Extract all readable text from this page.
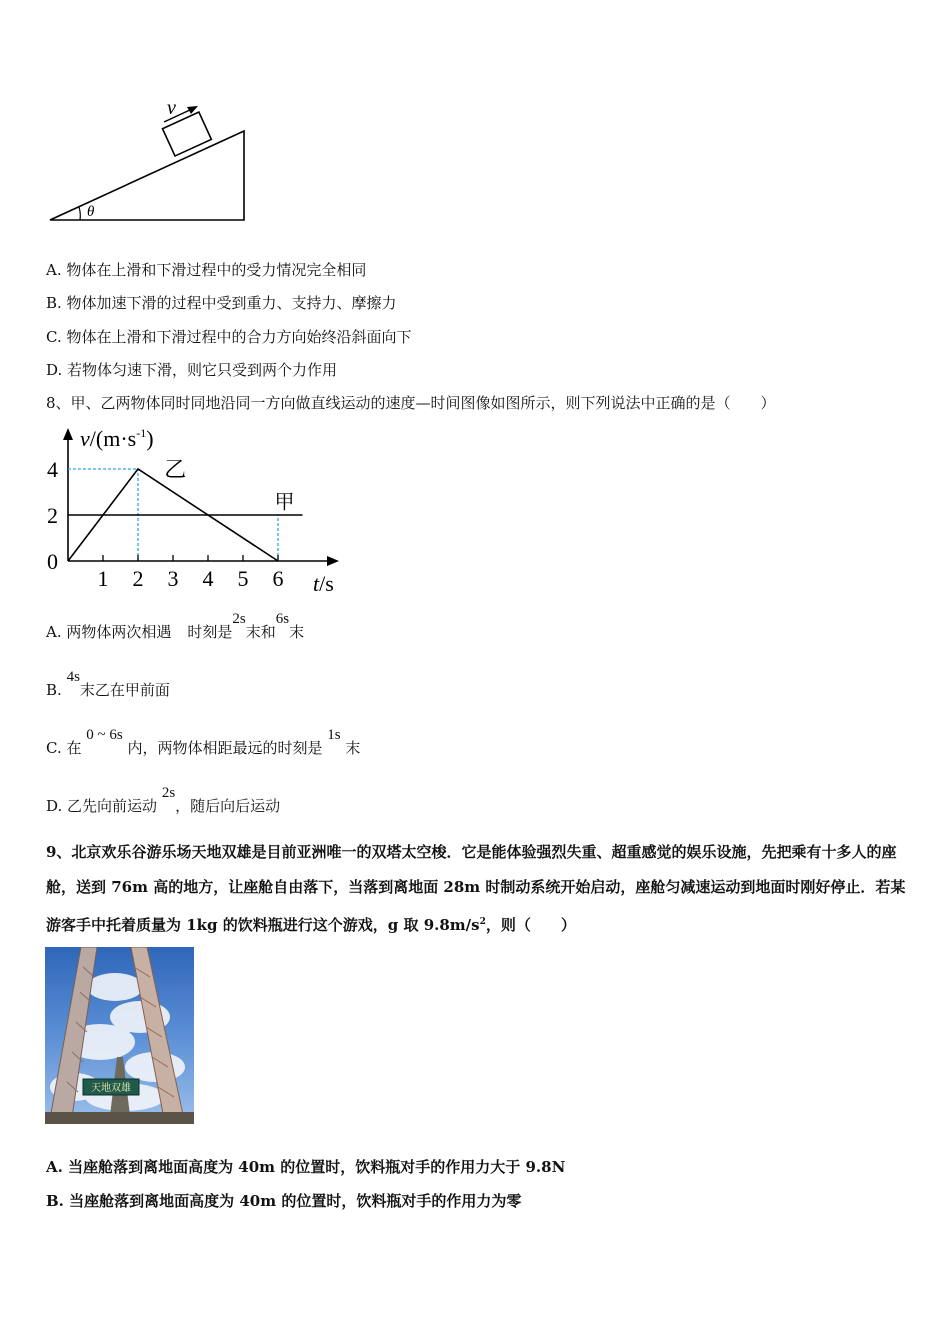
v
θ
A. 物体在上滑和下滑过程中的受力情况完全相同
B. 物体加速下滑的过程中受到重力、支持力、摩擦力
C. 物体在上滑和下滑过程中的合力方向始终沿斜面向下
D. 若物体匀速下滑，则它只受到两个力作用
8、甲、乙两物体同时同地沿同一方向做直线运动的速度—时间图像如图所示，则下列说法中正确的是（　　）
$v/(m\cdot s^{-1})$
t/s
1 2 3 4 5 6
4
2
0
乙
甲
A. 两物体两次相遇 时刻是2s末和6s末
B. 4s末乙在甲前面
C. 在 0 ~ 6s 内，两物体相距最远的时刻是 1s 末
D. 乙先向前运动 2s，随后向后运动
9、北京欢乐谷游乐场天地双雄是目前亚洲唯一的双塔太空梭．它是能体验强烈失重、超重感觉的娱乐设施，先把乘有十多人的座舱，送到 76m 高的地方，让座舱自由落下，当落到离地面 28m 时制动系统开始启动，座舱匀减速运动到地面时刚好停止．若某游客手中托着质量为 1kg 的饮料瓶进行这个游戏，g 取 $9.8m/s^2$，则（　　）
天地双雄
A. 当座舱落到离地面高度为 40m 的位置时，饮料瓶对手的作用力大于 9.8N
B. 当座舱落到离地面高度为 40m 的位置时，饮料瓶对手的作用力为零
